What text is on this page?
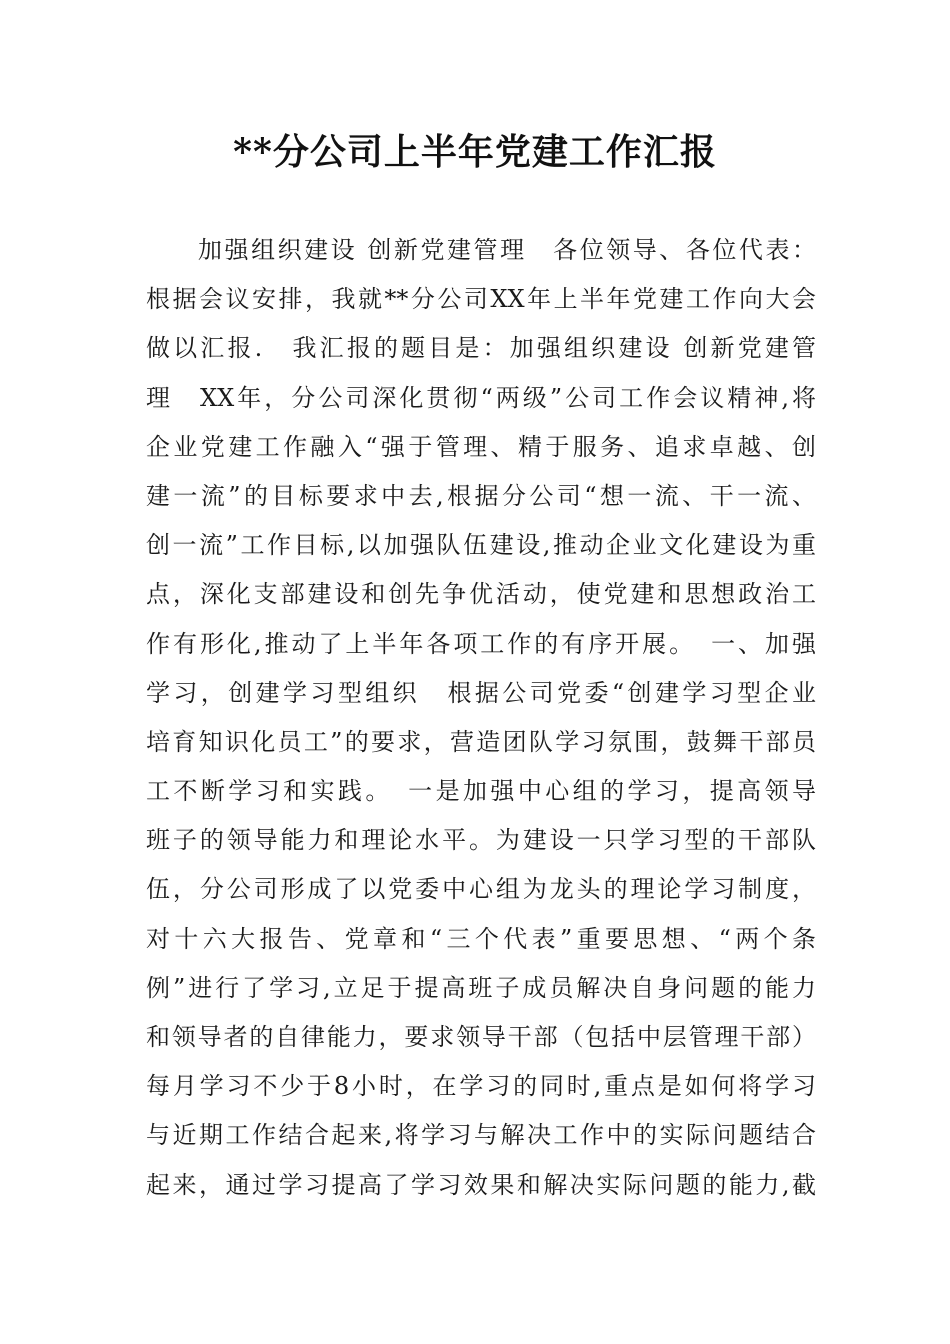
**分公司上半年党建工作汇报
加强组织建设 创新党建管理　各位领导、各位代表：
根据会议安排，我就**分公司XX年上半年党建工作向大会
做以汇报.　我汇报的题目是：加强组织建设 创新党建管
理　XX年，分公司深化贯彻“两级”公司工作会议精神,将
企业党建工作融入“强于管理、精于服务、追求卓越、创
建一流”的目标要求中去,根据分公司“想一流、干一流、
创一流”工作目标,以加强队伍建设,推动企业文化建设为重
点，深化支部建设和创先争优活动，使党建和思想政治工
作有形化,推动了上半年各项工作的有序开展。　一、加强
学习，创建学习型组织　根据公司党委“创建学习型企业
培育知识化员工”的要求，营造团队学习氛围，鼓舞干部员
工不断学习和实践。　一是加强中心组的学习，提高领导
班子的领导能力和理论水平。为建设一只学习型的干部队
伍，分公司形成了以党委中心组为龙头的理论学习制度，
对十六大报告、党章和“三个代表”重要思想、“两个条
例”进行了学习,立足于提高班子成员解决自身问题的能力
和领导者的自律能力，要求领导干部（包括中层管理干部）
每月学习不少于8小时，在学习的同时,重点是如何将学习
与近期工作结合起来,将学习与解决工作中的实际问题结合
起来，通过学习提高了学习效果和解决实际问题的能力,截
